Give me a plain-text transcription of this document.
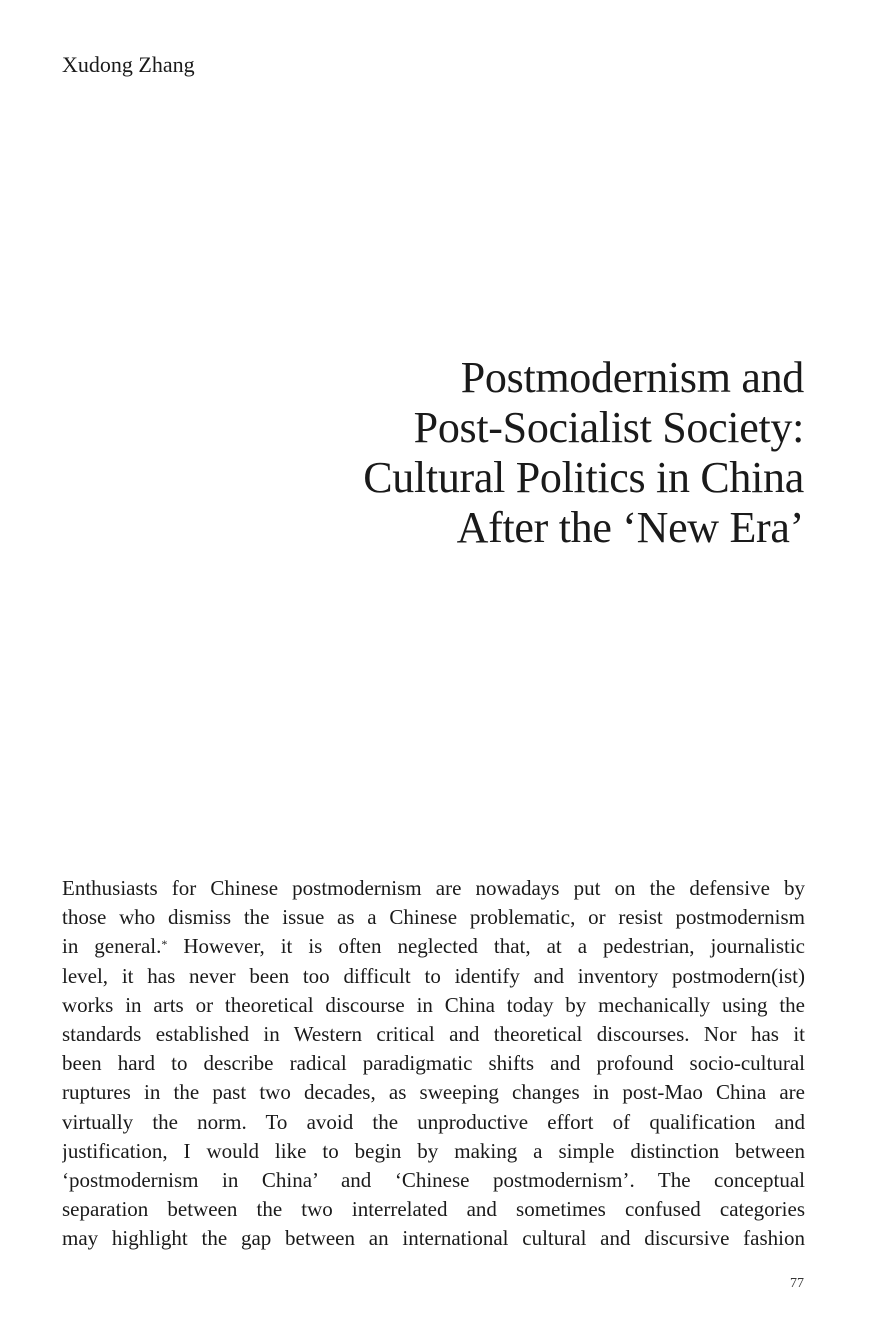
Xudong Zhang
Postmodernism and
Post-Socialist Society:
Cultural Politics in China
After the ‘New Era’
Enthusiasts for Chinese postmodernism are nowadays put on the defensive by
those who dismiss the issue as a Chinese problematic, or resist postmodernism
in general.* However, it is often neglected that, at a pedestrian, journalistic
level, it has never been too difficult to identify and inventory postmodern(ist)
works in arts or theoretical discourse in China today by mechanically using the
standards established in Western critical and theoretical discourses. Nor has it
been hard to describe radical paradigmatic shifts and profound socio-cultural
ruptures in the past two decades, as sweeping changes in post-Mao China are
virtually the norm. To avoid the unproductive effort of qualification and
justification, I would like to begin by making a simple distinction between
‘postmodernism in China’ and ‘Chinese postmodernism’. The conceptual
separation between the two interrelated and sometimes confused categories
may highlight the gap between an international cultural and discursive fashion
77
